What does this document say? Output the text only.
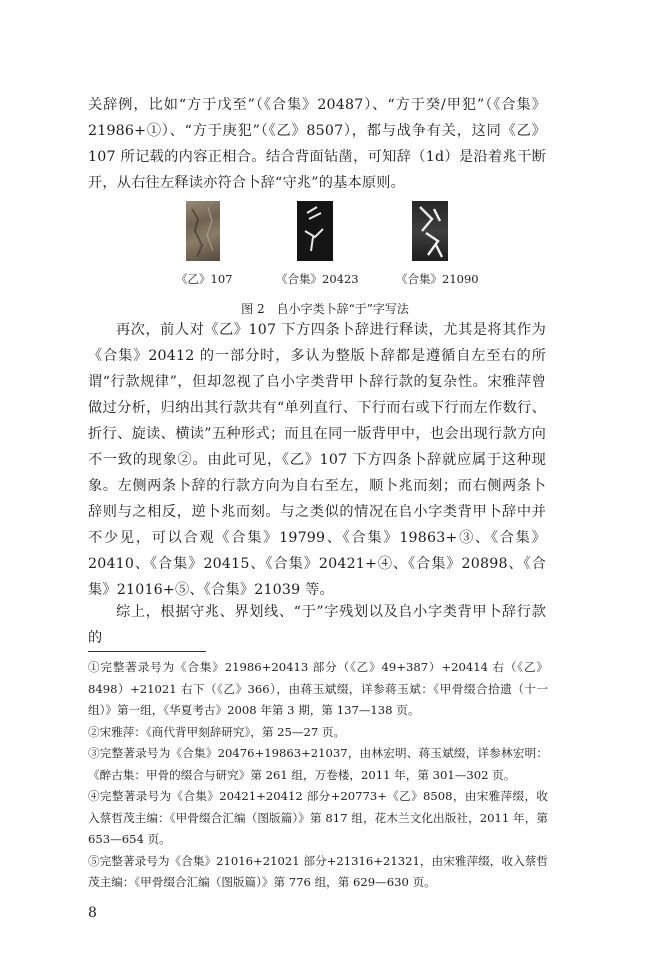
关辞例，比如“方于戊至”（《合集》20487）、“方于癸/甲犯”（《合集》21986+①）、“方于庚犯”（《乙》8507），都与战争有关，这同《乙》107 所记载的内容正相合。结合背面钻凿，可知辞（1d）是沿着兆干断开，从右往左释读亦符合卜辞“守兆”的基本原则。

《乙》107	《合集》20423	《合集》21090
图 2　𠂤小字类卜辞“于”字写法

再次，前人对《乙》107 下方四条卜辞进行释读，尤其是将其作为《合集》20412 的一部分时，多认为整版卜辞都是遵循自左至右的所谓“行款规律”，但却忽视了𠂤小字类背甲卜辞行款的复杂性。宋雅萍曾做过分析，归纳出其行款共有“单列直行、下行而右或下行而左作数行、折行、旋读、横读”五种形式；而且在同一版背甲中，也会出现行款方向不一致的现象②。由此可见，《乙》107 下方四条卜辞就应属于这种现象。左侧两条卜辞的行款方向为自右至左，顺卜兆而刻；而右侧两条卜辞则与之相反，逆卜兆而刻。与之类似的情况在𠂤小字类背甲卜辞中并不少见，可以合观《合集》19799、《合集》19863+③、《合集》20410、《合集》20415、《合集》20421+④、《合集》20898、《合集》21016+⑤、《合集》21039 等。

综上，根据守兆、界划线、“于”字残划以及𠂤小字类背甲卜辞行款的

①完整著录号为《合集》21986+20413 部分（《乙》49+387）+20414 右（《乙》8498）+21021 右下（《乙》366），由蒋玉斌缀，详参蒋玉斌：《甲骨缀合拾遗（十一组）》第一组，《华夏考古》2008 年第 3 期，第 137—138 页。

②宋雅萍：《商代背甲刻辞研究》，第 25—27 页。

③完整著录号为《合集》20476+19863+21037，由林宏明、蒋玉斌缀，详参林宏明：《醉古集：甲骨的缀合与研究》第 261 组，万卷楼，2011 年，第 301—302 页。

④完整著录号为《合集》20421+20412 部分+20773+《乙》8508，由宋雅萍缀，收入蔡哲茂主编：《甲骨缀合汇编（图版篇）》第 817 组，花木兰文化出版社，2011 年，第 653—654 页。

⑤完整著录号为《合集》21016+21021 部分+21316+21321，由宋雅萍缀，收入蔡哲茂主编：《甲骨缀合汇编（图版篇）》第 776 组，第 629—630 页。

8
